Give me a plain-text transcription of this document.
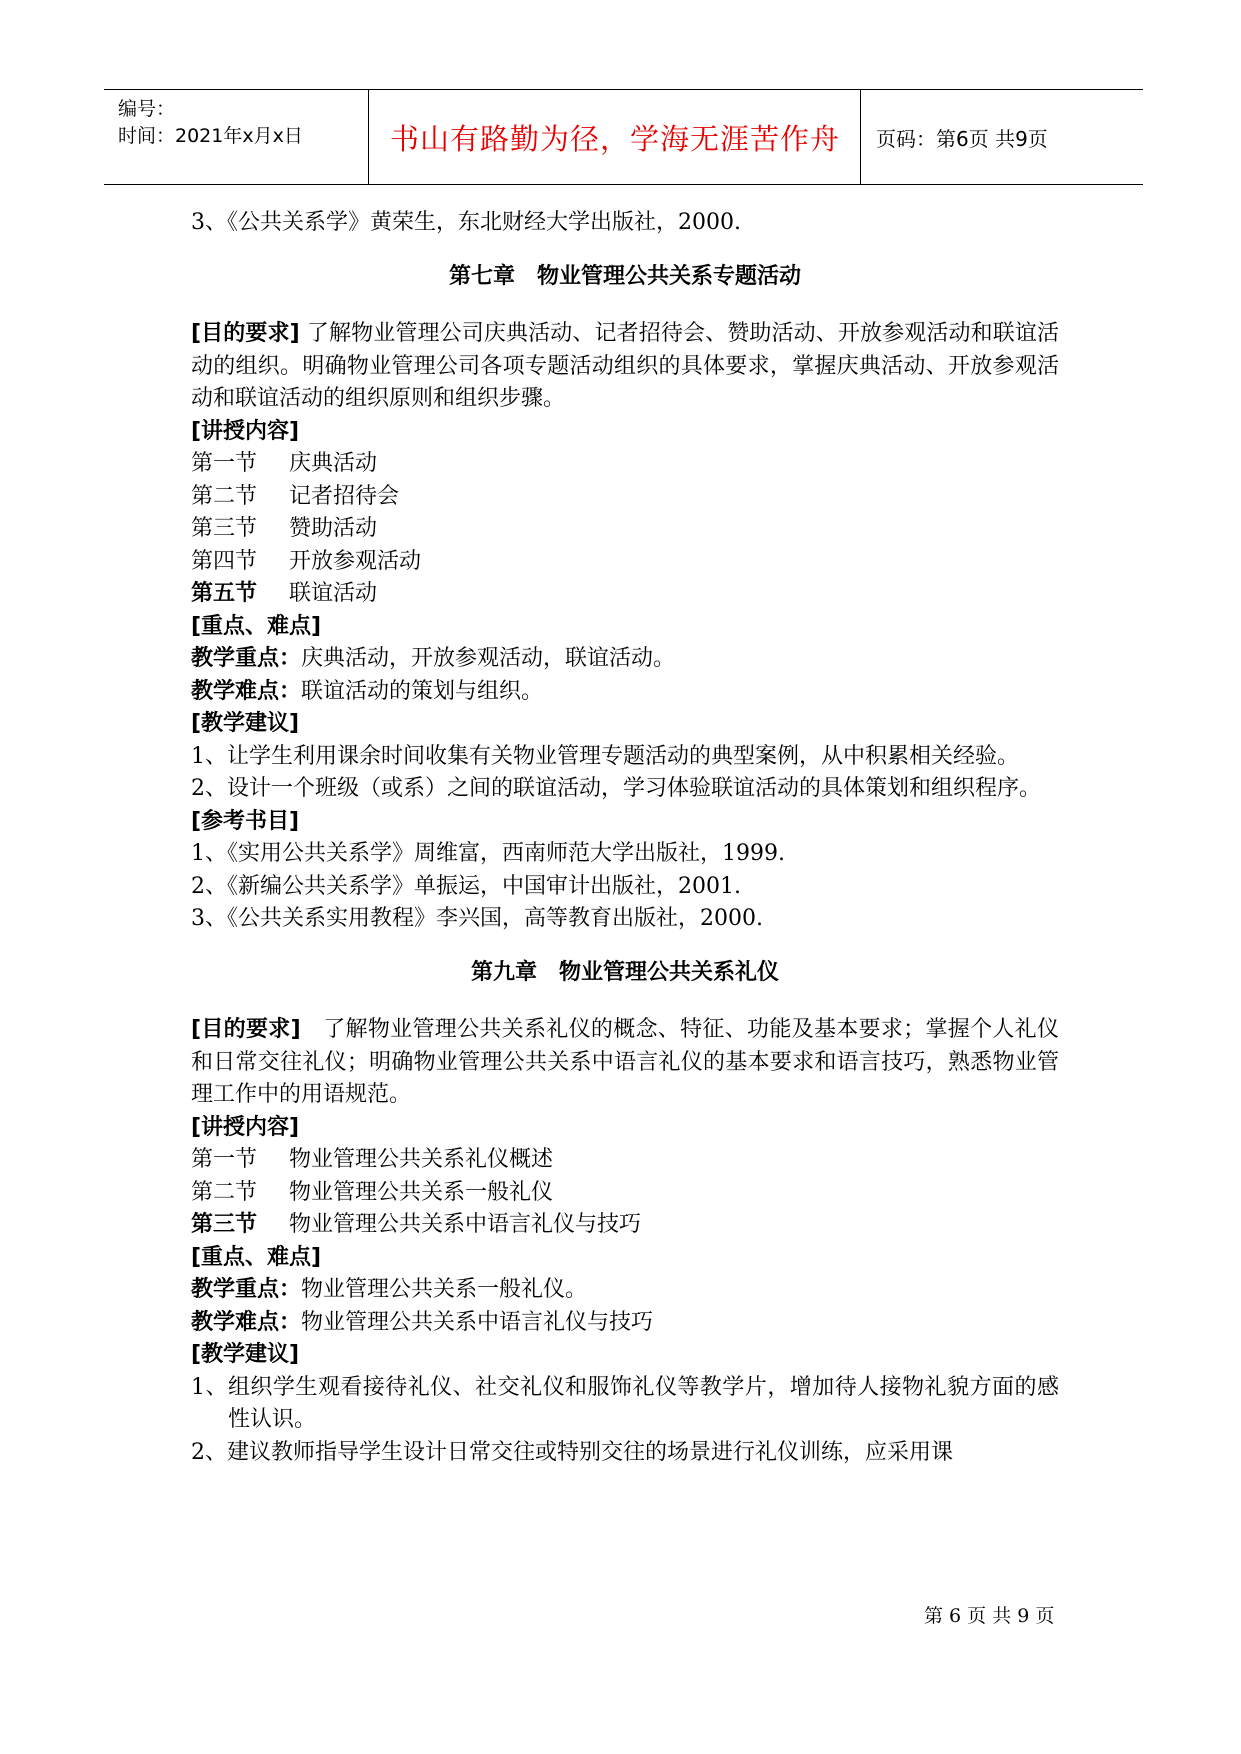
编号：
时间：2021年x月x日	书山有路勤为径，学海无涯苦作舟 页码：第6页 共9页

3、《公共关系学》黄荣生，东北财经大学出版社，2000.

第七章　物业管理公共关系专题活动

[目的要求] 了解物业管理公司庆典活动、记者招待会、赞助活动、开放参观活动和联谊活动的组织。明确物业管理公司各项专题活动组织的具体要求，掌握庆典活动、开放参观活动和联谊活动的组织原则和组织步骤。

[讲授内容]

第一节 庆典活动

第二节 记者招待会

第三节 赞助活动

第四节 开放参观活动

第五节 联谊活动

[重点、难点]

教学重点：庆典活动，开放参观活动，联谊活动。

教学难点：联谊活动的策划与组织。

[教学建议]

1、让学生利用课余时间收集有关物业管理专题活动的典型案例，从中积累相关经验。

2、设计一个班级（或系）之间的联谊活动，学习体验联谊活动的具体策划和组织程序。

[参考书目]

1、《实用公共关系学》周维富，西南师范大学出版社，1999.

2、《新编公共关系学》单振运，中国审计出版社，2001.

3、《公共关系实用教程》李兴国，高等教育出版社，2000.

第九章　物业管理公共关系礼仪

[目的要求]　了解物业管理公共关系礼仪的概念、特征、功能及基本要求；掌握个人礼仪和日常交往礼仪；明确物业管理公共关系中语言礼仪的基本要求和语言技巧，熟悉物业管理工作中的用语规范。

[讲授内容]

第一节 物业管理公共关系礼仪概述

第二节 物业管理公共关系一般礼仪

第三节 物业管理公共关系中语言礼仪与技巧

[重点、难点]

教学重点：物业管理公共关系一般礼仪。

教学难点：物业管理公共关系中语言礼仪与技巧

[教学建议]

1、组织学生观看接待礼仪、社交礼仪和服饰礼仪等教学片，增加待人接物礼貌方面的感性认识。

2、建议教师指导学生设计日常交往或特别交往的场景进行礼仪训练，应采用课

第 6 页 共 9 页
